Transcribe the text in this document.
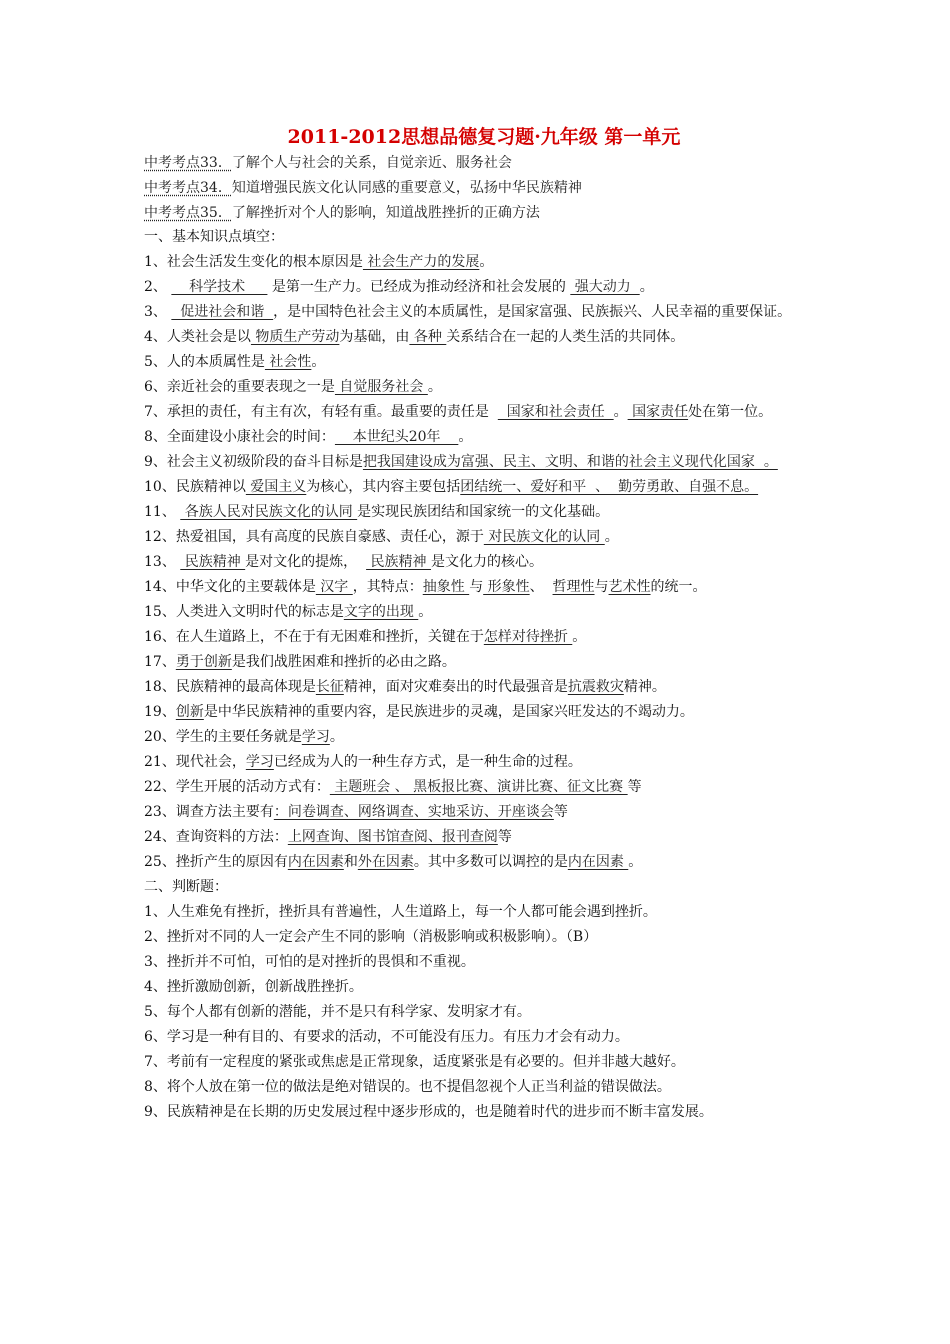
2011-2012思想品德复习题·九年级 第一单元
中考考点33．了解个人与社会的关系，自觉亲近、服务社会
中考考点34．知道增强民族文化认同感的重要意义，弘扬中华民族精神
中考考点35．了解挫折对个人的影响，知道战胜挫折的正确方法
一、基本知识点填空：
1、社会生活发生变化的根本原因是 社会生产力的发展。
2、     科学技术      是第一生产力。已经成为推动经济和社会发展的  强大动力  。
3、   促进社会和谐  ，是中国特色社会主义的本质属性，是国家富强、民族振兴、人民幸福的重要保证。
4、人类社会是以 物质生产劳动为基础，由 各种 关系结合在一起的人类生活的共同体。
5、人的本质属性是 社会性。
6、亲近社会的重要表现之一是 自觉服务社会 。
7、承担的责任，有主有次，有轻有重。最重要的责任是    国家和社会责任  。 国家责任处在第一位。
8、全面建设小康社会的时间：    本世纪头20年    。
9、社会主义初级阶段的奋斗目标是把我国建设成为富强、民主、文明、和谐的社会主义现代化国家  。
10、民族精神以 爱国主义为核心，其内容主要包括团结统一、爱好和平  、  勤劳勇敢、自强不息。
11、  各族人民对民族文化的认同 是实现民族团结和国家统一的文化基础。
12、热爱祖国，具有高度的民族自豪感、责任心，源于 对民族文化的认同 。
13、  民族精神 是对文化的提炼，   民族精神 是文化力的核心。
14、中华文化的主要载体是 汉字 ，其特点：抽象性 与 形象性、  哲理性与艺术性的统一。
15、人类进入文明时代的标志是文字的出现 。
16、在人生道路上，不在于有无困难和挫折，关键在于怎样对待挫折 。
17、勇于创新是我们战胜困难和挫折的必由之路。
18、民族精神的最高体现是长征精神，面对灾难奏出的时代最强音是抗震救灾精神。
19、创新是中华民族精神的重要内容，是民族进步的灵魂，是国家兴旺发达的不竭动力。
20、学生的主要任务就是学习。
21、现代社会，学习已经成为人的一种生存方式，是一种生命的过程。
22、学生开展的活动方式有： 主题班会 、 黑板报比赛、演讲比赛、征文比赛 等
23、调查方法主要有：问卷调查、网络调查、实地采访、开座谈会等
24、查询资料的方法：上网查询、图书馆查阅、报刊查阅等
25、挫折产生的原因有内在因素和外在因素。其中多数可以调控的是内在因素 。
二、判断题：
1、人生难免有挫折，挫折具有普遍性，人生道路上，每一个人都可能会遇到挫折。
2、挫折对不同的人一定会产生不同的影响（消极影响或积极影响）。（B）
3、挫折并不可怕，可怕的是对挫折的畏惧和不重视。
4、挫折激励创新，创新战胜挫折。
5、每个人都有创新的潜能，并不是只有科学家、发明家才有。
6、学习是一种有目的、有要求的活动，不可能没有压力。有压力才会有动力。
7、考前有一定程度的紧张或焦虑是正常现象，适度紧张是有必要的。但并非越大越好。
8、将个人放在第一位的做法是绝对错误的。也不提倡忽视个人正当利益的错误做法。
9、民族精神是在长期的历史发展过程中逐步形成的，也是随着时代的进步而不断丰富发展。
